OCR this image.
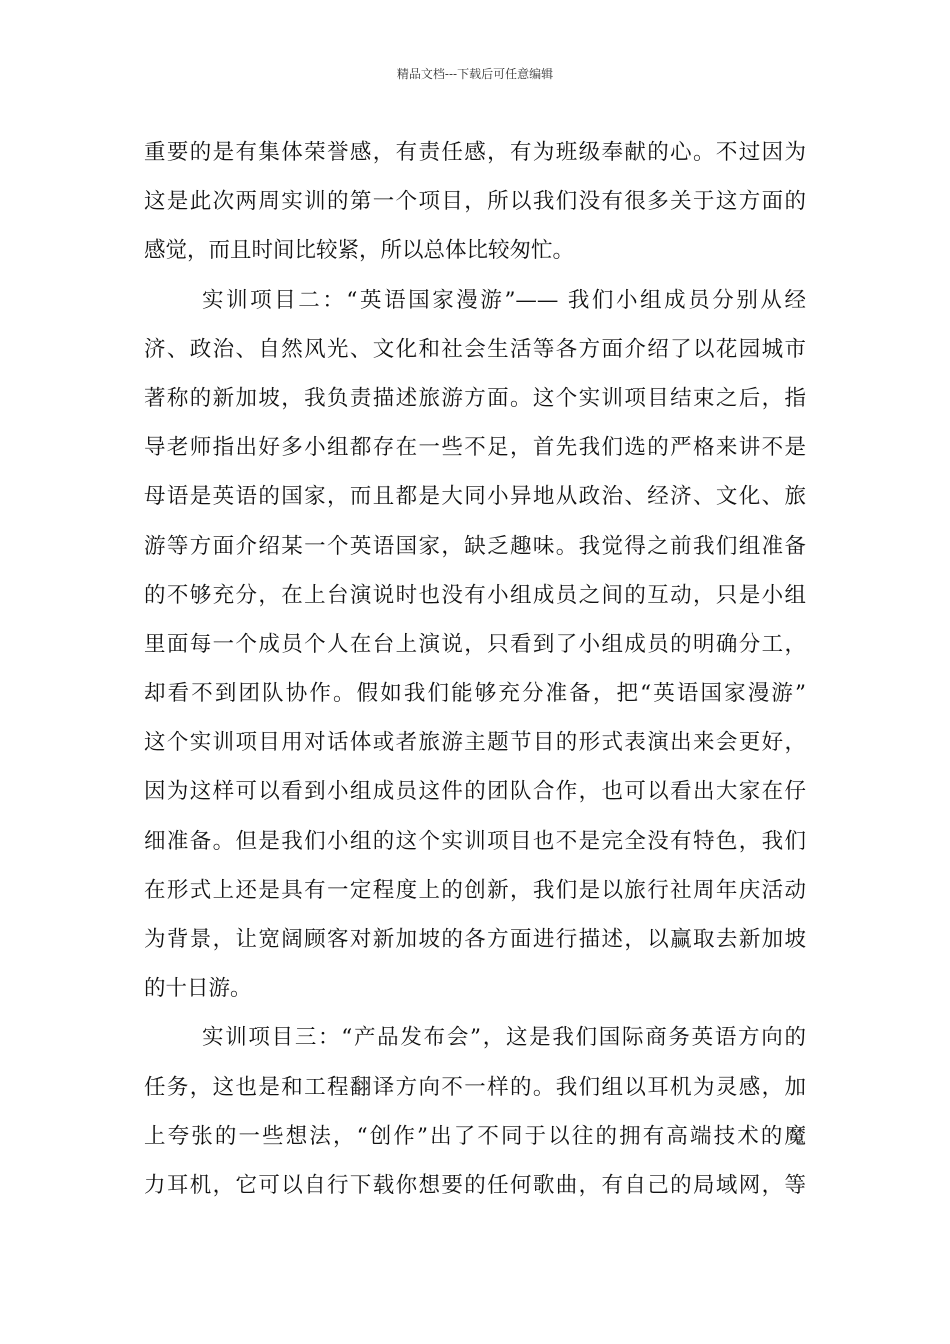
精品文档---下载后可任意编辑
重要的是有集体荣誉感，有责任感，有为班级奉献的心。不过因为
这是此次两周实训的第一个项目，所以我们没有很多关于这方面的
感觉，而且时间比较紧，所以总体比较匆忙。
实训项目二：“英语国家漫游”—— 我们小组成员分别从经
济、政治、自然风光、文化和社会生活等各方面介绍了以花园城市
著称的新加坡，我负责描述旅游方面。这个实训项目结束之后，指
导老师指出好多小组都存在一些不足，首先我们选的严格来讲不是
母语是英语的国家，而且都是大同小异地从政治、经济、文化、旅
游等方面介绍某一个英语国家，缺乏趣味。我觉得之前我们组准备
的不够充分，在上台演说时也没有小组成员之间的互动，只是小组
里面每一个成员个人在台上演说，只看到了小组成员的明确分工，
却看不到团队协作。假如我们能够充分准备，把“英语国家漫游”
这个实训项目用对话体或者旅游主题节目的形式表演出来会更好，
因为这样可以看到小组成员这件的团队合作，也可以看出大家在仔
细准备。但是我们小组的这个实训项目也不是完全没有特色，我们
在形式上还是具有一定程度上的创新，我们是以旅行社周年庆活动
为背景，让宽阔顾客对新加坡的各方面进行描述，以赢取去新加坡
的十日游。
实训项目三：“产品发布会”，这是我们国际商务英语方向的
任务，这也是和工程翻译方向不一样的。我们组以耳机为灵感，加
上夸张的一些想法，“创作”出了不同于以往的拥有高端技术的魔
力耳机，它可以自行下载你想要的任何歌曲，有自己的局域网，等
